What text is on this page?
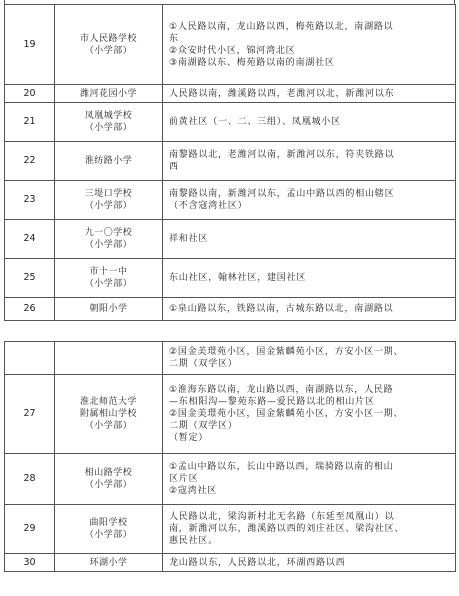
19	市人民路学校
（小学部）	①人民路以南，龙山路以西，梅苑路以北，南湖路以
东
②众安时代小区，锦河湾北区
③南湖路以东、梅苑路以南的南湖社区

20	潍河花园小学	人民路以南，潍溪路以西，老潍河以北，新潍河以东

21	凤凰城学校
（小学部）	前黄社区（一、二、三组）、凤凰城小区

22	淮纺路小学	南黎路以北，老潍河以南，新潍河以东，符夹铁路以
西

23	三堤口学校
（小学部）	南黎路以南，新潍河以东，孟山中路以西的相山辖区
（不含寇湾社区）

24	九一〇学校
（小学部）	祥和社区

25	市十一中
（小学部）	东山社区，翰林社区，建国社区

26	朝阳小学	①泉山路以东，铁路以南，古城东路以北，南湖路以

		②国金美璟苑小区，国金紫麟苑小区，方安小区一期、
二期（双学区）

27	淮北师范大学
附属相山学校
（小学部）	①淮海东路以南，龙山路以西，南湖路以东，人民路
—东相阳沟—黎苑东路—爱民路以北的相山片区
②国金美璟苑小区，国金紫麟苑小区，方安小区一期、
二期（双学区）
（暂定）

28	相山路学校
（小学部）	①孟山中路以东，长山中路以西，瑞骑路以南的相山
区片区
②寇湾社区

29	曲阳学校
（小学部）	人民路以北，梁沟新村北无名路（东延至凤凰山）以
南，新潍河以东，潍溪路以西的刘庄社区、梁沟社区、
惠民社区。

30	环湖小学	龙山路以东，人民路以北，环湖西路以西
